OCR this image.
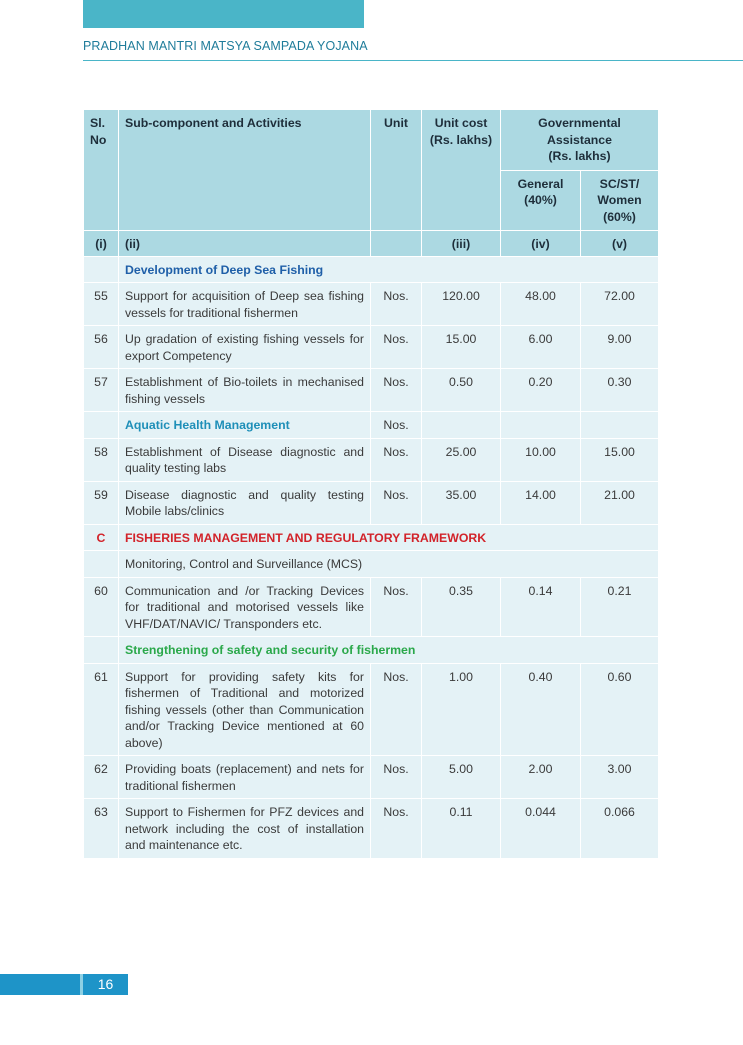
PRADHAN MANTRI MATSYA SAMPADA YOJANA
Sl. No	Sub-component and Activities	Unit	Unit cost (Rs. lakhs)	Governmental Assistance (Rs. lakhs)	
				General (40%)	SC/ST/ Women (60%)
(i)	(ii)		(iii)	(iv)	(v)
	Development of Deep Sea Fishing				
55	Support for acquisition of Deep sea fishing vessels for traditional fishermen	Nos.	120.00	48.00	72.00
56	Up gradation of existing fishing vessels for export Competency	Nos.	15.00	6.00	9.00
57	Establishment of Bio-toilets in mechanised fishing vessels	Nos.	0.50	0.20	0.30
	Aquatic Health Management	Nos.			
58	Establishment of Disease diagnostic and quality testing labs	Nos.	25.00	10.00	15.00
59	Disease diagnostic and quality testing Mobile labs/clinics	Nos.	35.00	14.00	21.00
C	FISHERIES MANAGEMENT AND REGULATORY FRAMEWORK				
	Monitoring, Control and Surveillance (MCS)				
60	Communication and /or Tracking Devices for traditional and motorised vessels like VHF/DAT/NAVIC/ Transponders etc.	Nos.	0.35	0.14	0.21
	Strengthening of safety and security of fishermen				
61	Support for providing safety kits for fishermen of Traditional and motorized fishing vessels (other than Communication and/or Tracking Device mentioned at 60 above)	Nos.	1.00	0.40	0.60
62	Providing boats (replacement) and nets for traditional fishermen	Nos.	5.00	2.00	3.00
63	Support to Fishermen for PFZ devices and network including the cost of installation and maintenance etc.	Nos.	0.11	0.044	0.066
16
